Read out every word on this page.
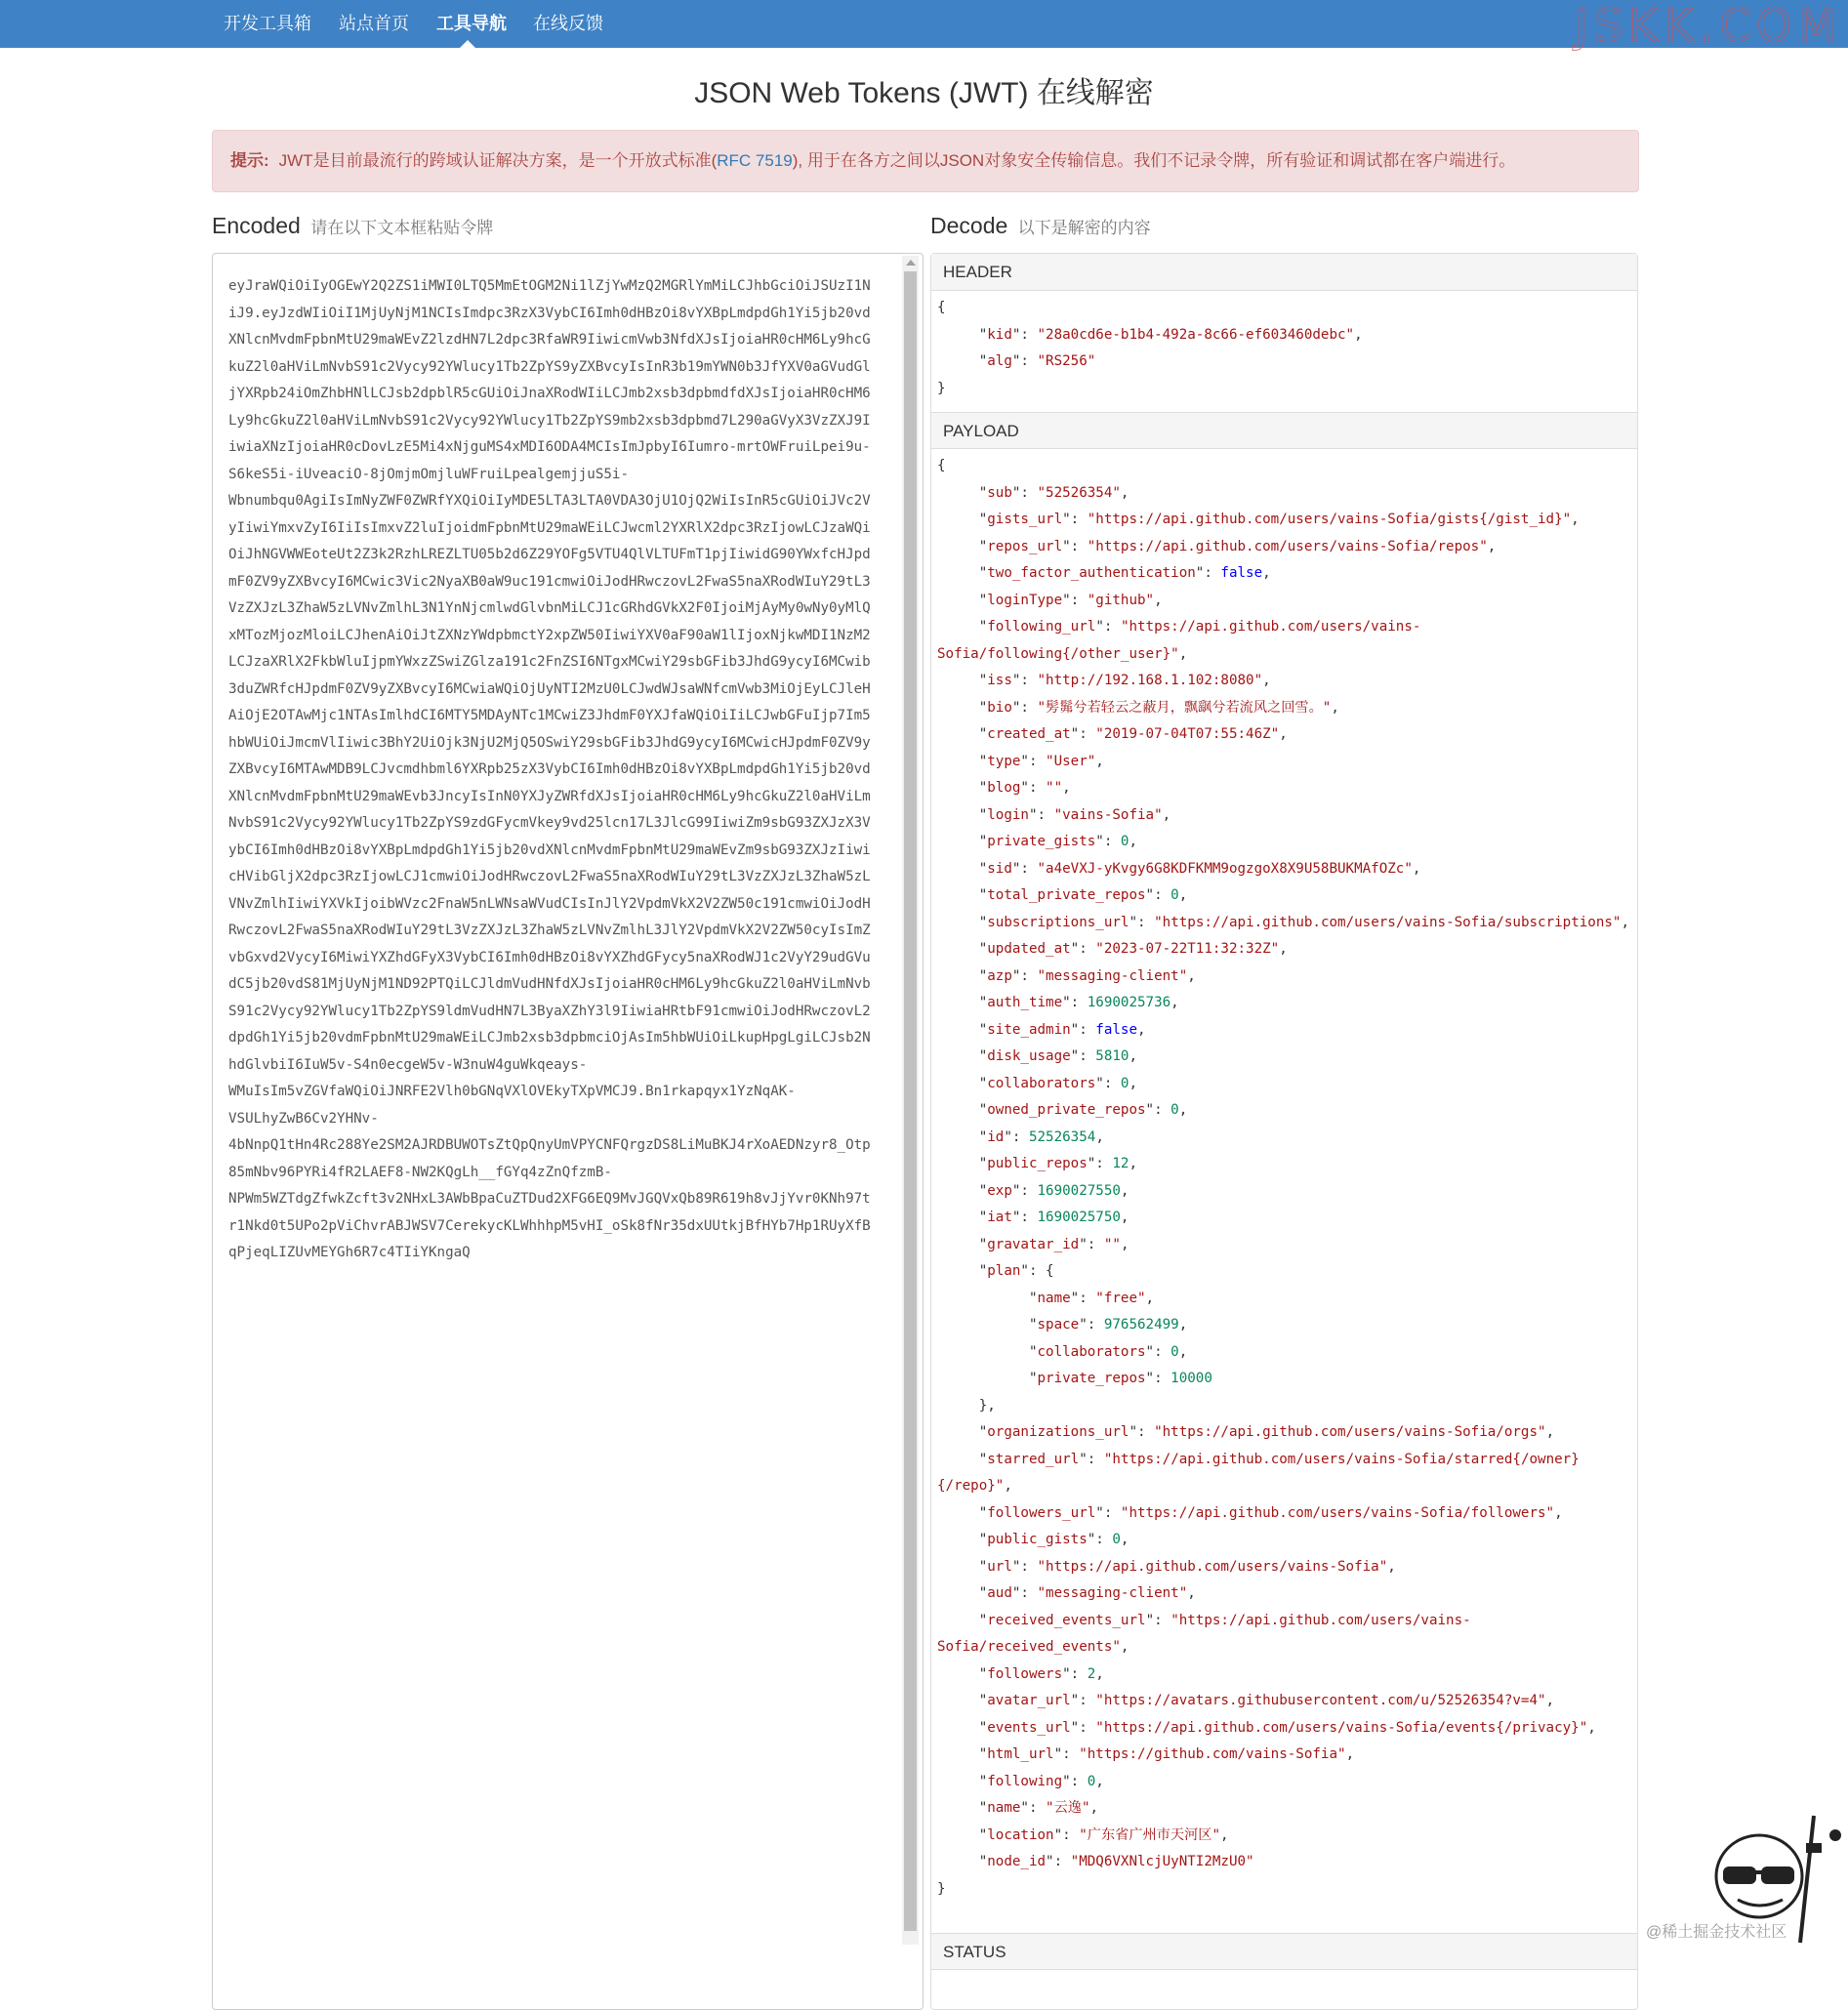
开发工具箱 站点首页 工具导航 在线反馈	JSKK.COM
JSON Web Tokens (JWT) 在线解密
提示: JWT是目前最流行的跨域认证解决方案，是一个开放式标准(RFC 7519), 用于在各方之间以JSON对象安全传输信息。我们不记录令牌，所有验证和调试都在客户端进行。
Encoded 请在以下文本框粘贴令牌	Decode 以下是解密的内容
eyJraWQiOiIyOGEwY2Q2ZS1iMWI0LTQ5MmEtOGM2Ni1lZjYwMzQ2MGRlYmMiLCJhbGciOiJSUzI1N
iJ9.eyJzdWIiOiI1MjUyNjM1NCIsImdpc3RzX3VybCI6Imh0dHBzOi8vYXBpLmdpdGh1Yi5jb20vd
XNlcnMvdmFpbnMtU29maWEvZ2lzdHN7L2dpc3RfaWR9IiwicmVwb3NfdXJsIjoiaHR0cHM6Ly9hcG
kuZ2l0aHViLmNvbS91c2Vycy92YWlucy1Tb2ZpYS9yZXBvcyIsInR3b19mYWN0b3JfYXV0aGVudGl
jYXRpb24iOmZhbHNlLCJsb2dpblR5cGUiOiJnaXRodWIiLCJmb2xsb3dpbmdfdXJsIjoiaHR0cHM6
Ly9hcGkuZ2l0aHViLmNvbS91c2Vycy92YWlucy1Tb2ZpYS9mb2xsb3dpbmd7L290aGVyX3VzZXJ9I
iwiaXNzIjoiaHR0cDovLzE5Mi4xNjguMS4xMDI6ODA4MCIsImJpbyI6Iumro-mrtOWFruiLpei9u-
S6keS5i-iUveaciO-8jOmjmOmjluWFruiLpealgemjjuS5i-
Wbnumbqu0AgiIsImNyZWF0ZWRfYXQiOiIyMDE5LTA3LTA0VDA3OjU1OjQ2WiIsInR5cGUiOiJVc2V
yIiwiYmxvZyI6IiIsImxvZ2luIjoidmFpbnMtU29maWEiLCJwcml2YXRlX2dpc3RzIjowLCJzaWQi
OiJhNGVWWEoteUt2Z3k2RzhLREZLTU05b2d6Z29YOFg5VTU4QlVLTUFmT1pjIiwidG90YWxfcHJpd
mF0ZV9yZXBvcyI6MCwic3Vic2NyaXB0aW9uc191cmwiOiJodHRwczovL2FwaS5naXRodWIuY29tL3
VzZXJzL3ZhaW5zLVNvZmlhL3N1YnNjcmlwdGlvbnMiLCJ1cGRhdGVkX2F0IjoiMjAyMy0wNy0yMlQ
xMTozMjozMloiLCJhenAiOiJtZXNzYWdpbmctY2xpZW50IiwiYXV0aF90aW1lIjoxNjkwMDI1NzM2
LCJzaXRlX2FkbWluIjpmYWxzZSwiZGlza191c2FnZSI6NTgxMCwiY29sbGFib3JhdG9ycyI6MCwib
3duZWRfcHJpdmF0ZV9yZXBvcyI6MCwiaWQiOjUyNTI2MzU0LCJwdWJsaWNfcmVwb3MiOjEyLCJleH
AiOjE2OTAwMjc1NTAsImlhdCI6MTY5MDAyNTc1MCwiZ3JhdmF0YXJfaWQiOiIiLCJwbGFuIjp7Im5
hbWUiOiJmcmVlIiwic3BhY2UiOjk3NjU2MjQ5OSwiY29sbGFib3JhdG9ycyI6MCwicHJpdmF0ZV9y
ZXBvcyI6MTAwMDB9LCJvcmdhbml6YXRpb25zX3VybCI6Imh0dHBzOi8vYXBpLmdpdGh1Yi5jb20vd
XNlcnMvdmFpbnMtU29maWEvb3JncyIsInN0YXJyZWRfdXJsIjoiaHR0cHM6Ly9hcGkuZ2l0aHViLm
NvbS91c2Vycy92YWlucy1Tb2ZpYS9zdGFycmVkey9vd25lcn17L3JlcG99IiwiZm9sbG93ZXJzX3V
ybCI6Imh0dHBzOi8vYXBpLmdpdGh1Yi5jb20vdXNlcnMvdmFpbnMtU29maWEvZm9sbG93ZXJzIiwi
cHVibGljX2dpc3RzIjowLCJ1cmwiOiJodHRwczovL2FwaS5naXRodWIuY29tL3VzZXJzL3ZhaW5zL
VNvZmlhIiwiYXVkIjoibWVzc2FnaW5nLWNsaWVudCIsInJlY2VpdmVkX2V2ZW50c191cmwiOiJodH
RwczovL2FwaS5naXRodWIuY29tL3VzZXJzL3ZhaW5zLVNvZmlhL3JlY2VpdmVkX2V2ZW50cyIsImZ
vbGxvd2VycyI6MiwiYXZhdGFyX3VybCI6Imh0dHBzOi8vYXZhdGFycy5naXRodWJ1c2VyY29udGVu
dC5jb20vdS81MjUyNjM1ND92PTQiLCJldmVudHNfdXJsIjoiaHR0cHM6Ly9hcGkuZ2l0aHViLmNvb
S91c2Vycy92YWlucy1Tb2ZpYS9ldmVudHN7L3ByaXZhY3l9IiwiaHRtbF91cmwiOiJodHRwczovL2
dpdGh1Yi5jb20vdmFpbnMtU29maWEiLCJmb2xsb3dpbmciOjAsIm5hbWUiOiLkupHpgLgiLCJsb2N
hdGlvbiI6IuW5v-S4n0ecgeW5v-W3nuW4guWkqeays-
WMuIsIm5vZGVfaWQiOiJNRFE2Vlh0bGNqVXlOVEkyTXpVMCJ9.Bn1rkapqyx1YzNqAK-
VSULhyZwB6Cv2YHNv-
4bNnpQ1tHn4Rc288Ye2SM2AJRDBUWOTsZtQpQnyUmVPYCNFQrgzDS8LiMuBKJ4rXoAEDNzyr8_Otp
85mNbv96PYRi4fR2LAEF8-NW2KQgLh__fGYq4zZnQfzmB-
NPWm5WZTdgZfwkZcft3v2NHxL3AWbBpaCuZTDud2XFG6EQ9MvJGQVxQb89R619h8vJjYvr0KNh97t
r1Nkd0t5UPo2pViChvrABJWSV7CerekycKLWhhhpM5vHI_oSk8fNr35dxUUtkjBfHYb7Hp1RUyXfB
qPjeqLIZUvMEYGh6R7c4TIiYKngaQ
HEADER
{
"kid": "28a0cd6e-b1b4-492a-8c66-ef603460debc",
"alg": "RS256"
}
PAYLOAD
{
"sub": "52526354",
"gists_url": "https://api.github.com/users/vains-Sofia/gists{/gist_id}",
"repos_url": "https://api.github.com/users/vains-Sofia/repos",
"two_factor_authentication": false,
"loginType": "github",
"following_url": "https://api.github.com/users/vains-Sofia/following{/other_user}",
"iss": "http://192.168.1.102:8080",
"bio": "髣髴兮若轻云之蔽月，飘飖兮若流风之回雪。",
"created_at": "2019-07-04T07:55:46Z",
"type": "User",
"blog": "",
"login": "vains-Sofia",
"private_gists": 0,
"sid": "a4eVXJ-yKvgy6G8KDFKMM9ogzgoX8X9U58BUKMAfOZc",
"total_private_repos": 0,
"subscriptions_url": "https://api.github.com/users/vains-Sofia/subscriptions",
"updated_at": "2023-07-22T11:32:32Z",
"azp": "messaging-client",
"auth_time": 1690025736,
"site_admin": false,
"disk_usage": 5810,
"collaborators": 0,
"owned_private_repos": 0,
"id": 52526354,
"public_repos": 12,
"exp": 1690027550,
"iat": 1690025750,
"gravatar_id": "",
"plan": {
"name": "free",
"space": 976562499,
"collaborators": 0,
"private_repos": 10000
},
"organizations_url": "https://api.github.com/users/vains-Sofia/orgs",
"starred_url": "https://api.github.com/users/vains-Sofia/starred{/owner}{/repo}",
"followers_url": "https://api.github.com/users/vains-Sofia/followers",
"public_gists": 0,
"url": "https://api.github.com/users/vains-Sofia",
"aud": "messaging-client",
"received_events_url": "https://api.github.com/users/vains-Sofia/received_events",
"followers": 2,
"avatar_url": "https://avatars.githubusercontent.com/u/52526354?v=4",
"events_url": "https://api.github.com/users/vains-Sofia/events{/privacy}",
"html_url": "https://github.com/vains-Sofia",
"following": 0,
"name": "云逸",
"location": "广东省广州市天河区",
"node_id": "MDQ6VXNlcjUyNTI2MzU0"
}
STATUS
@稀土掘金技术社区
